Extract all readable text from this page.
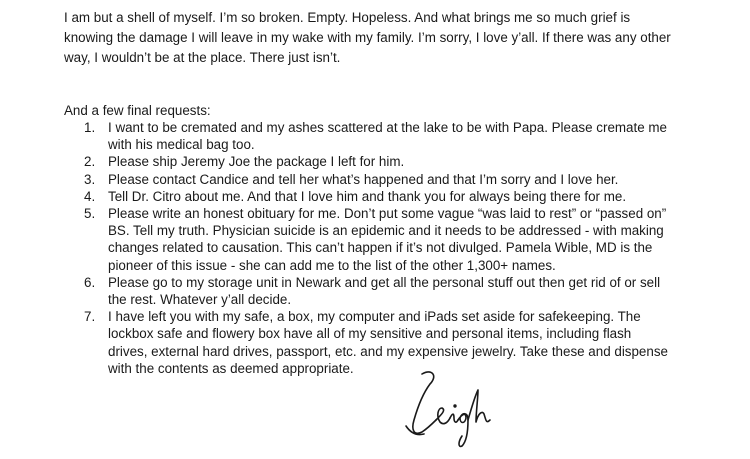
I am but a shell of myself. I’m so broken. Empty. Hopeless. And what brings me so much grief is
knowing the damage I will leave in my wake with my family. I’m sorry, I love y’all. If there was any other
way, I wouldn’t be at the place. There just isn’t.

And a few final requests:

1. I want to be cremated and my ashes scattered at the lake to be with Papa. Please cremate me
with his medical bag too.
2. Please ship Jeremy Joe the package I left for him.
3. Please contact Candice and tell her what’s happened and that I’m sorry and I love her.
4. Tell Dr. Citro about me. And that I love him and thank you for always being there for me.
5. Please write an honest obituary for me. Don’t put some vague “was laid to rest” or “passed on”
BS. Tell my truth. Physician suicide is an epidemic and it needs to be addressed - with making
changes related to causation. This can’t happen if it’s not divulged. Pamela Wible, MD is the
pioneer of this issue - she can add me to the list of the other 1,300+ names.
6. Please go to my storage unit in Newark and get all the personal stuff out then get rid of or sell
the rest. Whatever y’all decide.
7. I have left you with my safe, a box, my computer and iPads set aside for safekeeping. The
lockbox safe and flowery box have all of my sensitive and personal items, including flash
drives, external hard drives, passport, etc. and my expensive jewelry. Take these and dispense
with the contents as deemed appropriate.
